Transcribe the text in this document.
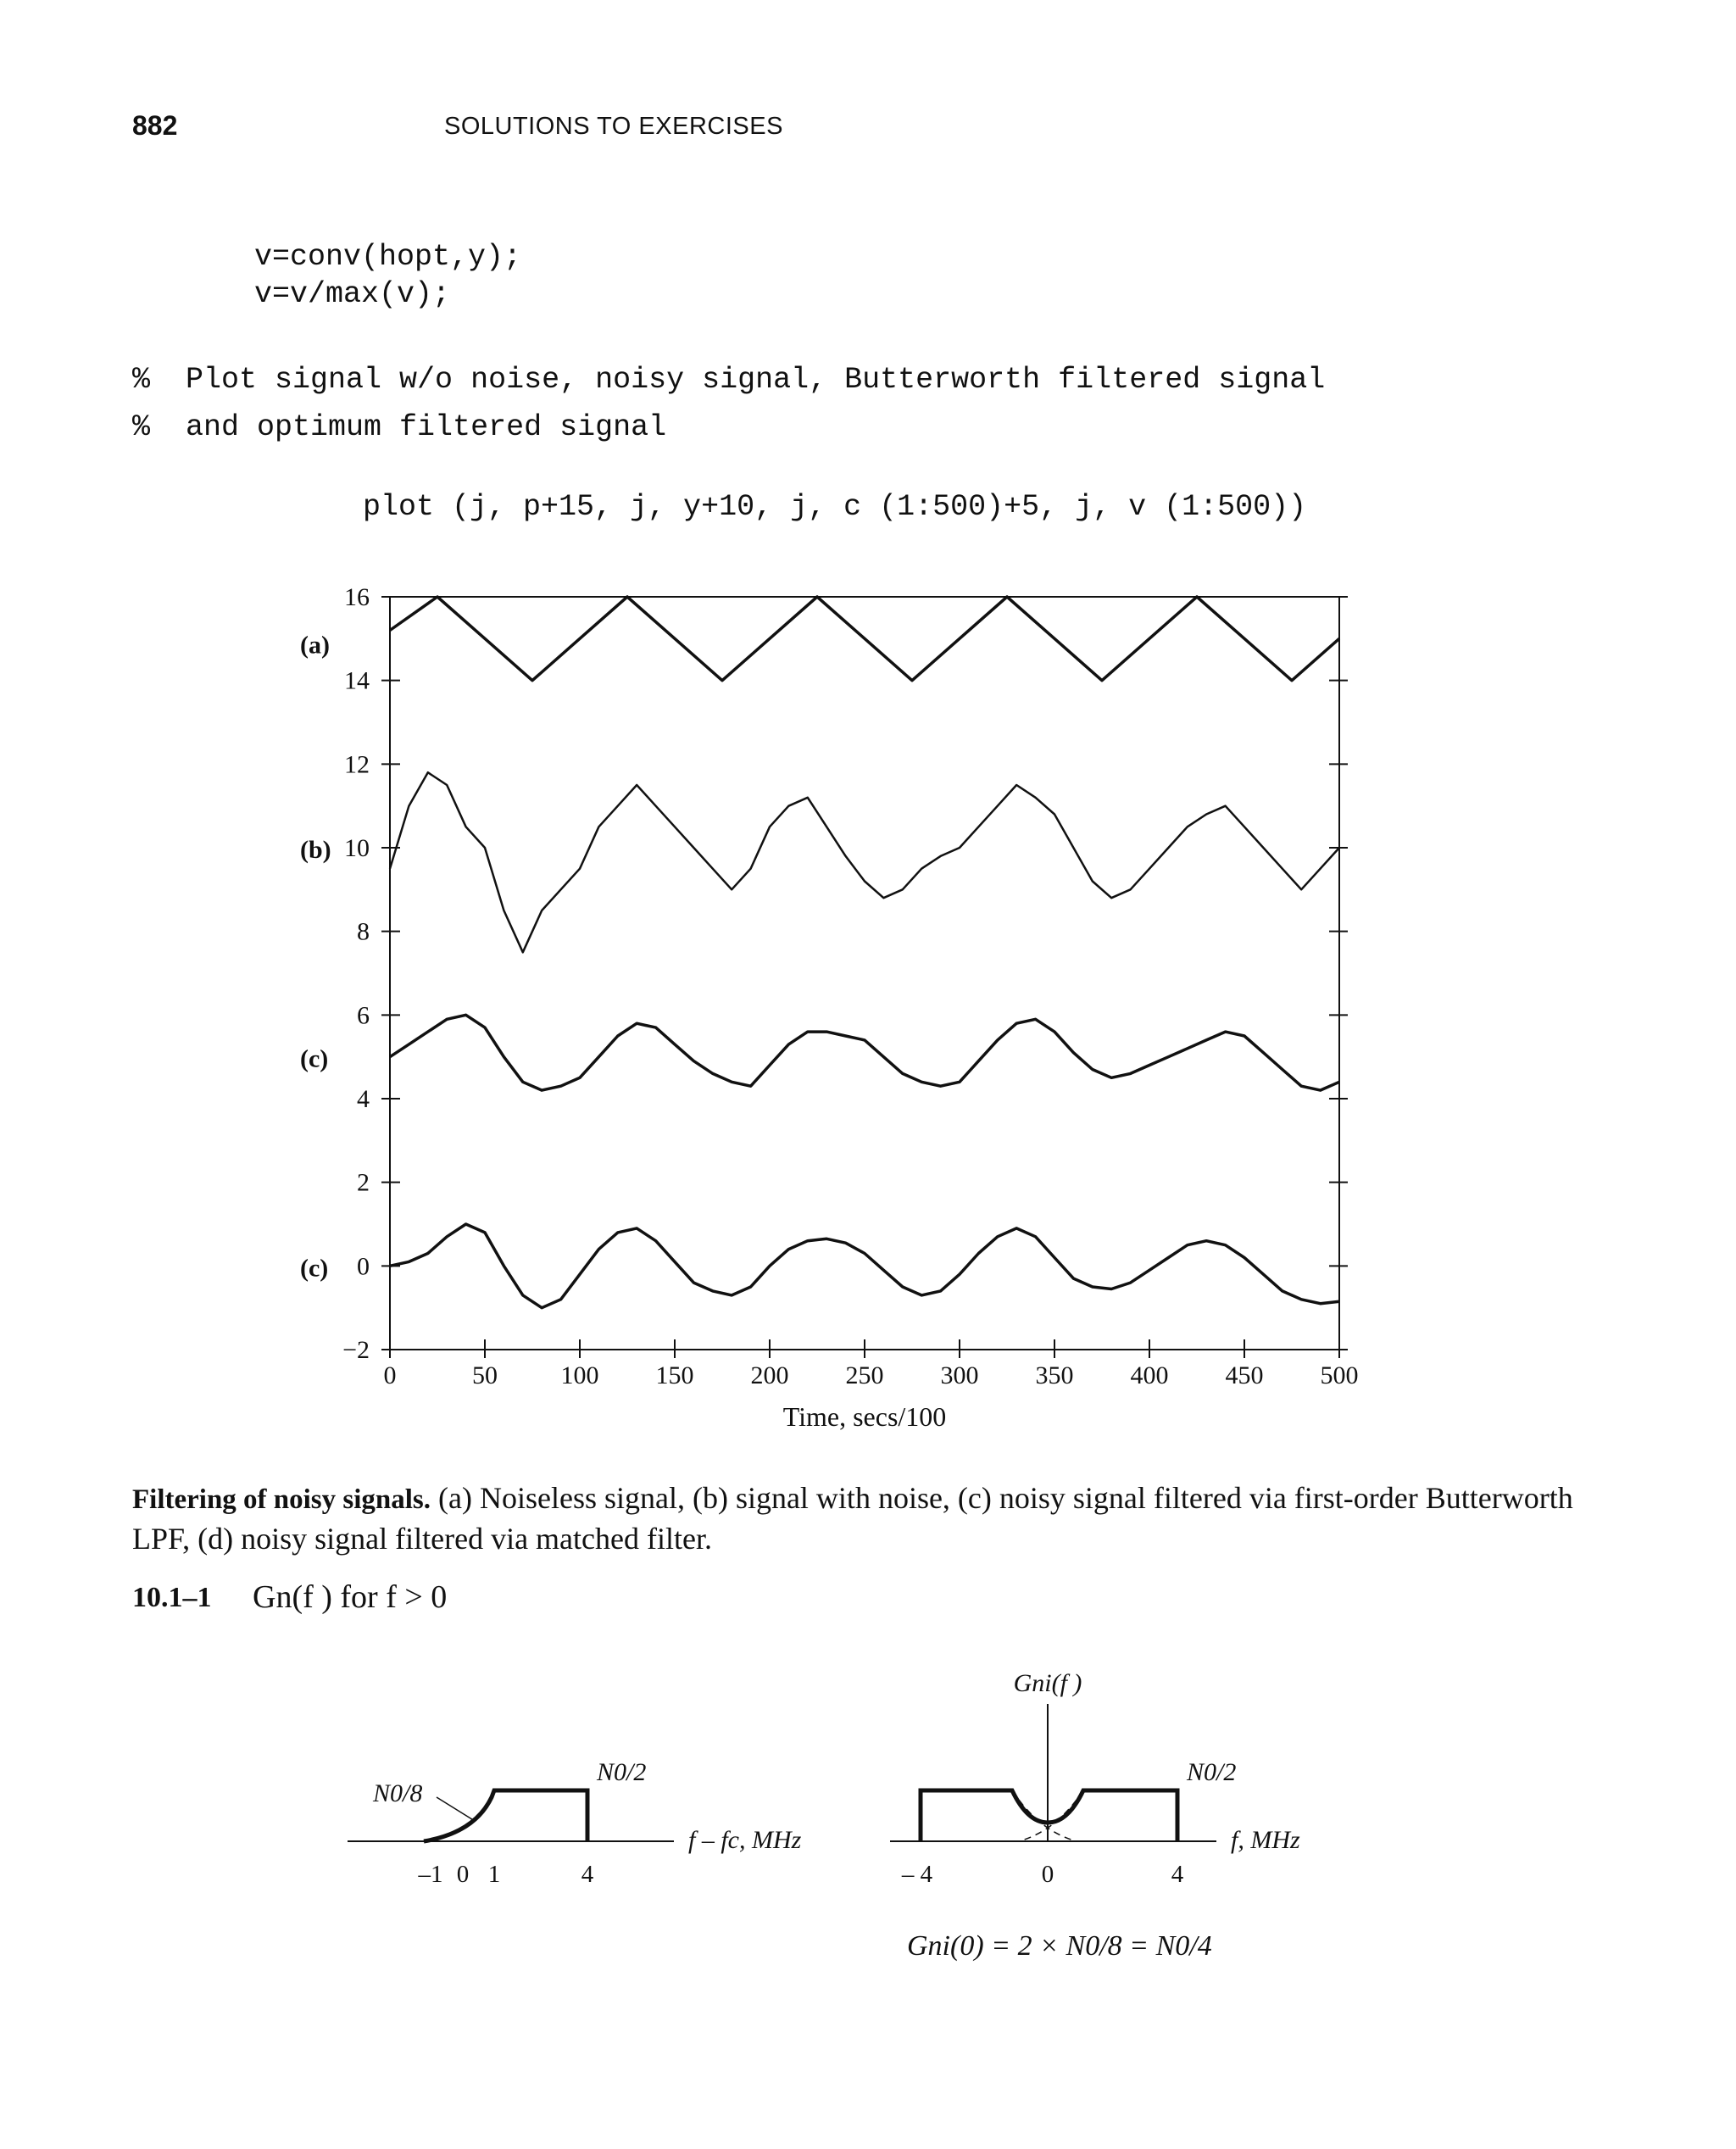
882	SOLUTIONS TO EXERCISES
v=conv(hopt,y);
v=v/max(v);
%  Plot signal w/o noise, noisy signal, Butterworth filtered signal
%  and optimum filtered signal
plot (j, p+15, j, y+10, j, c (1:500)+5, j, v (1:500))
0	50 100 150 200 250 300 350 400 450 500
−2
0
2
4
6
8
10
12
14
16
(a)
(b)
(c)
(c)
Time, secs/100
Filtering of noisy signals. (a) Noiseless signal, (b) signal with noise, (c) noisy signal filtered via first-order Butterworth LPF, (d) noisy signal filtered via matched filter.
10.1–1 Gn(f ) for f > 0
N0/8
N0/2
f – fc, MHz
–1 0 1	4
Gni(f )
N0/2
f, MHz
– 4	0	4
Gni(0) = 2 × N0/8 = N0/4
